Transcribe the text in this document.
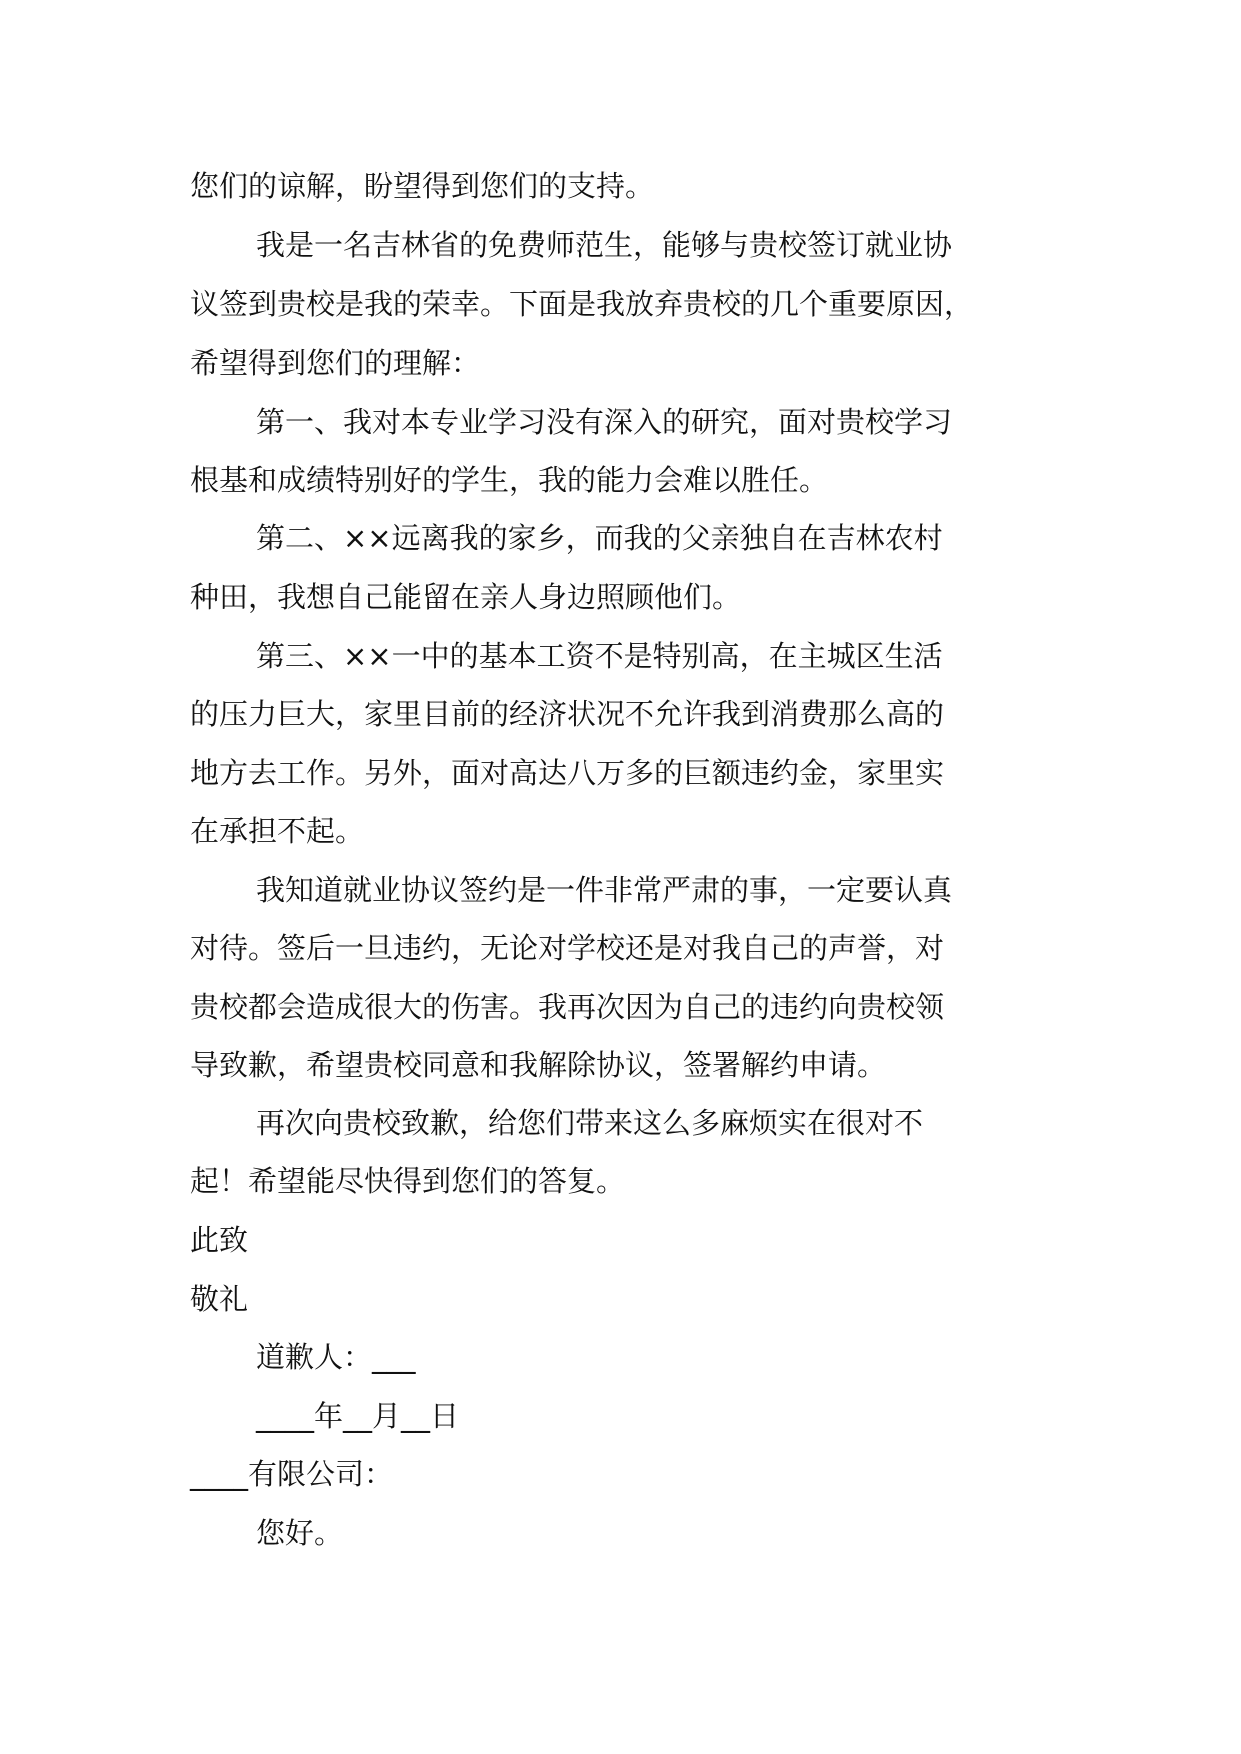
您们的谅解，盼望得到您们的支持。
我是一名吉林省的免费师范生，能够与贵校签订就业协
议签到贵校是我的荣幸。下面是我放弃贵校的几个重要原因，
希望得到您们的理解：
第一、我对本专业学习没有深入的研究，面对贵校学习
根基和成绩特别好的学生，我的能力会难以胜任。
第二、××远离我的家乡，而我的父亲独自在吉林农村
种田，我想自己能留在亲人身边照顾他们。
第三、××一中的基本工资不是特别高，在主城区生活
的压力巨大，家里目前的经济状况不允许我到消费那么高的
地方去工作。另外，面对高达八万多的巨额违约金，家里实
在承担不起。
我知道就业协议签约是一件非常严肃的事，一定要认真
对待。签后一旦违约，无论对学校还是对我自己的声誉，对
贵校都会造成很大的伤害。我再次因为自己的违约向贵校领
导致歉，希望贵校同意和我解除协议，签署解约申请。
再次向贵校致歉，给您们带来这么多麻烦实在很对不
起！希望能尽快得到您们的答复。
此致
敬礼
道歉人：___
____年__月__日
____有限公司：
您好。
